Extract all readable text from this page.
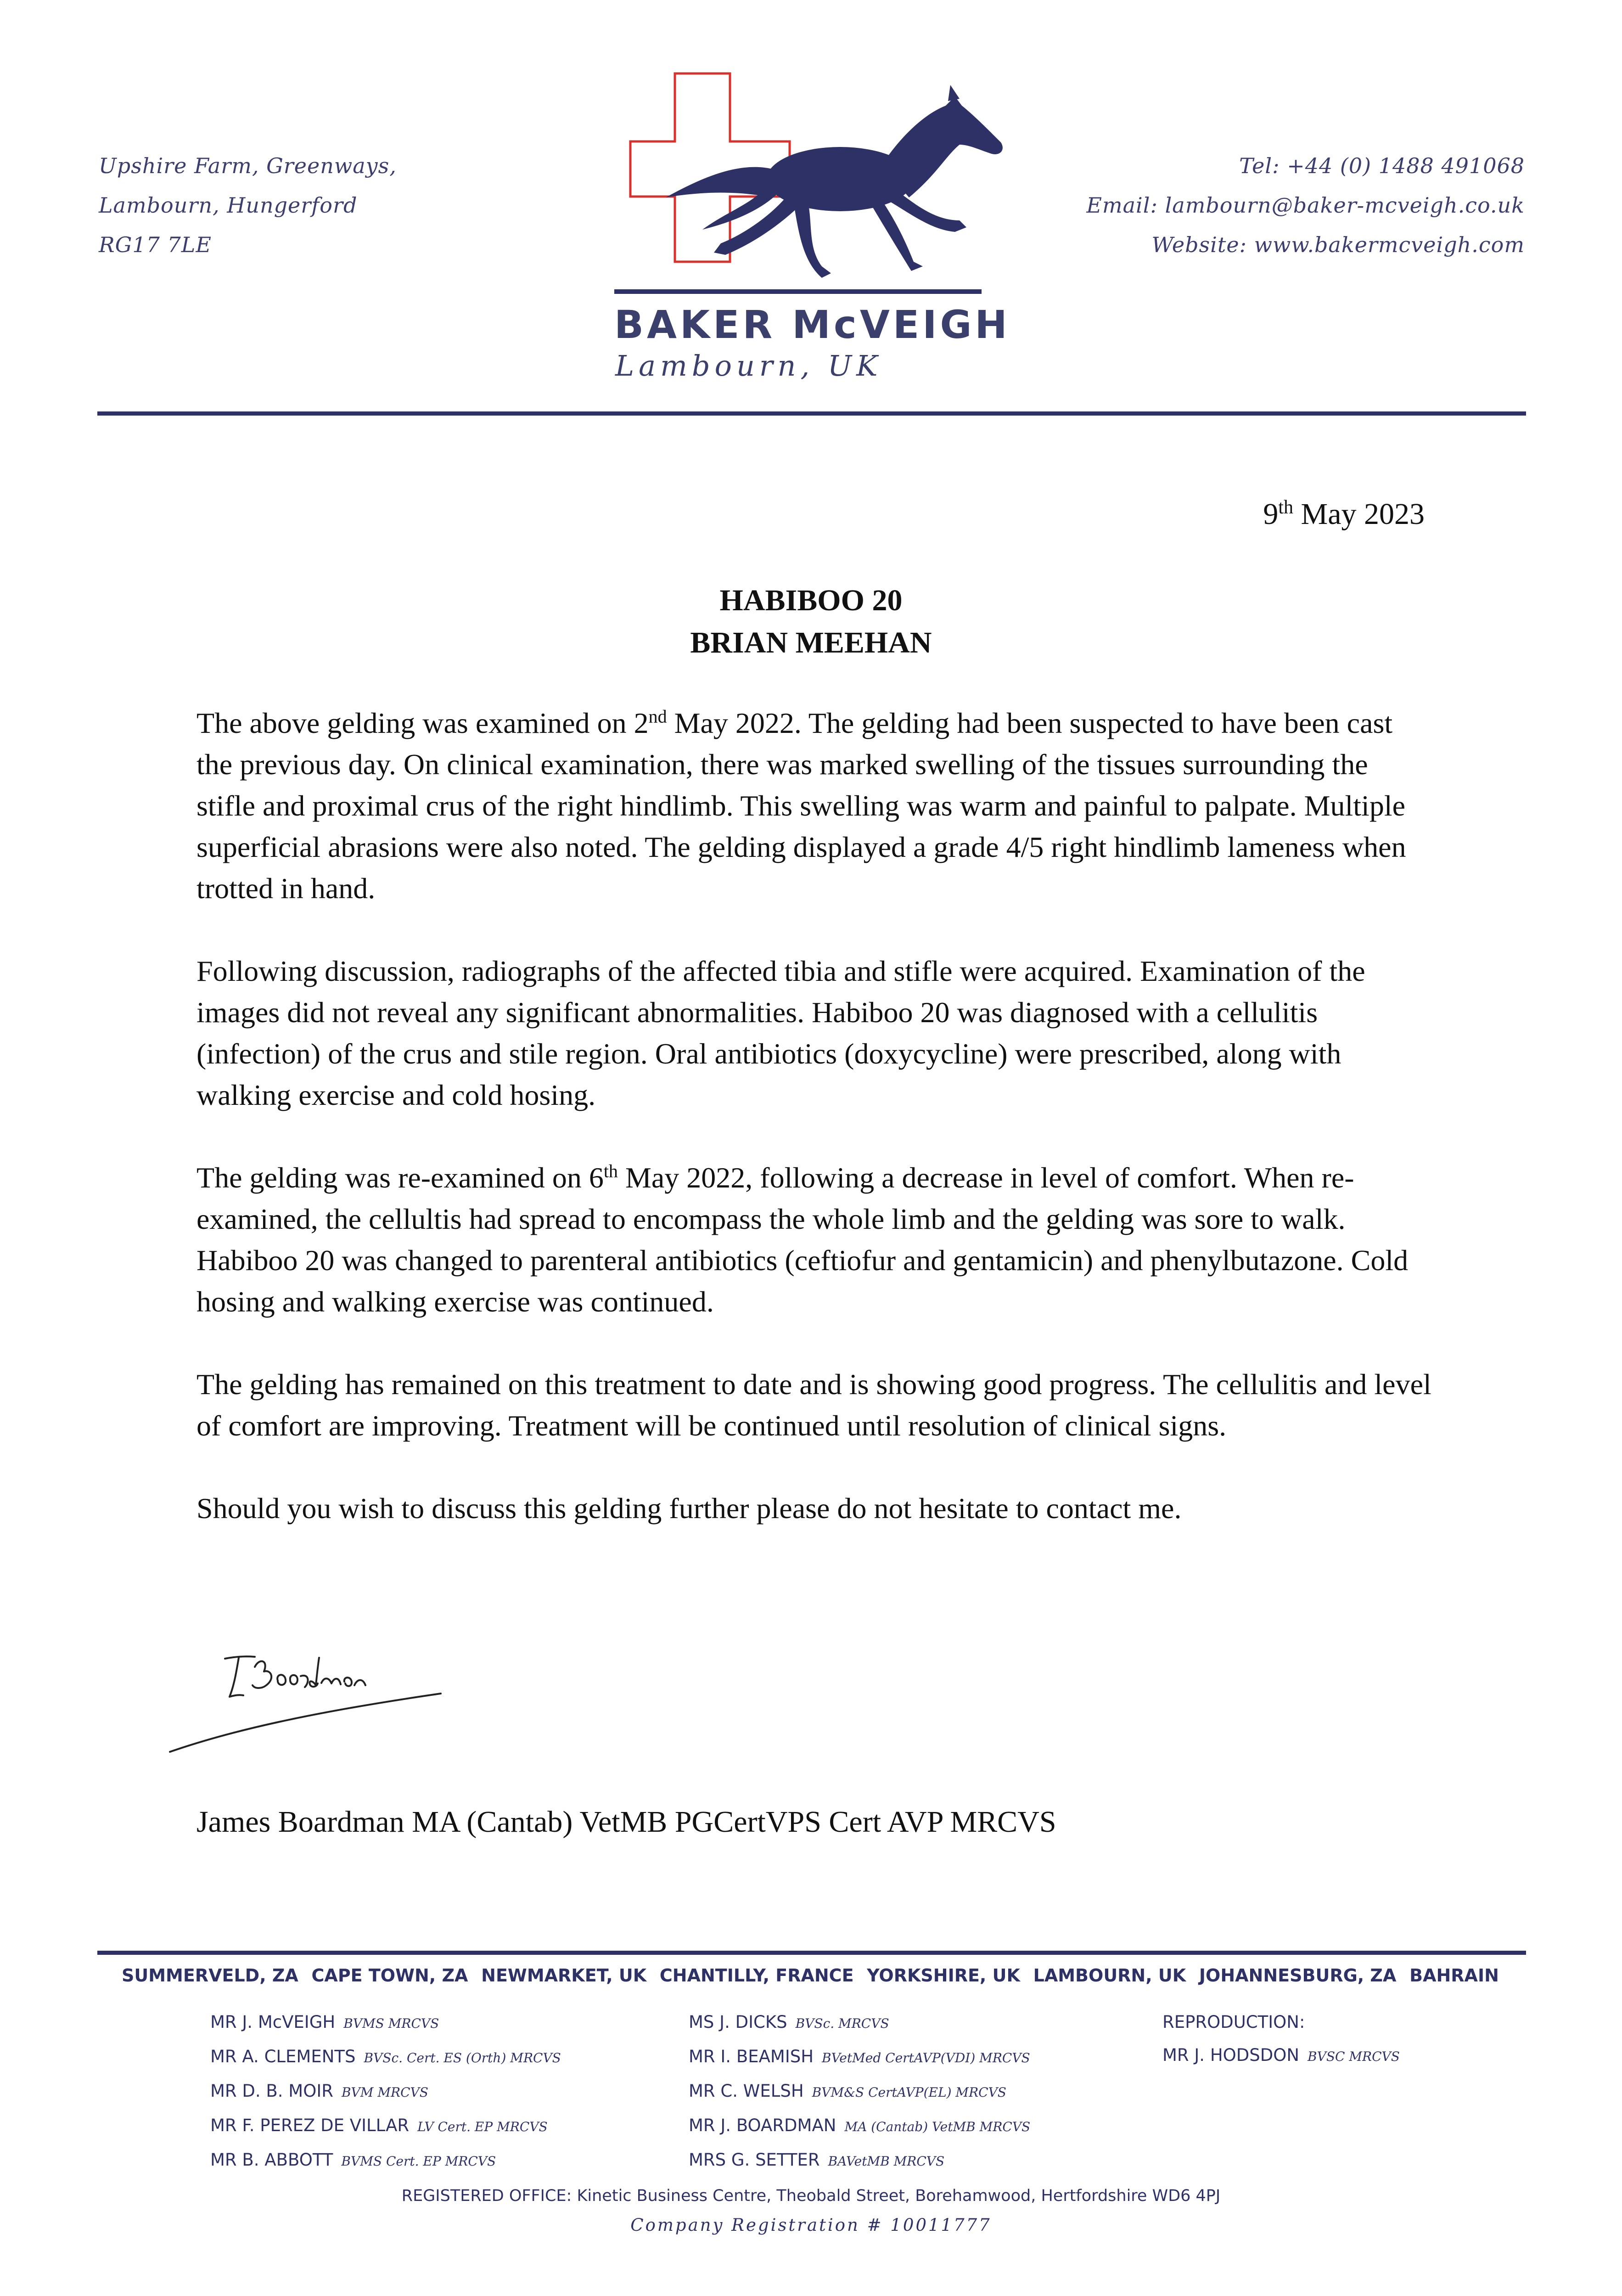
Upshire Farm, Greenways,
Lambourn, Hungerford
RG17 7LE
Tel: +44 (0) 1488 491068
Email: lambourn@baker-mcveigh.co.uk
Website: www.bakermcveigh.com
BAKER McVEIGH
Lambourn, UK
9th May 2023
HABIBOO 20
BRIAN MEEHAN

The above gelding was examined on 2nd May 2022. The gelding had been suspected to have been cast the previous day. On clinical examination, there was marked swelling of the tissues surrounding the stifle and proximal crus of the right hindlimb. This swelling was warm and painful to palpate. Multiple superficial abrasions were also noted. The gelding displayed a grade 4/5 right hindlimb lameness when trotted in hand.

Following discussion, radiographs of the affected tibia and stifle were acquired. Examination of the images did not reveal any significant abnormalities. Habiboo 20 was diagnosed with a cellulitis (infection) of the crus and stile region. Oral antibiotics (doxycycline) were prescribed, along with walking exercise and cold hosing.

The gelding was re-examined on 6th May 2022, following a decrease in level of comfort. When re-examined, the cellultis had spread to encompass the whole limb and the gelding was sore to walk. Habiboo 20 was changed to parenteral antibiotics (ceftiofur and gentamicin) and phenylbutazone. Cold hosing and walking exercise was continued.

The gelding has remained on this treatment to date and is showing good progress. The cellulitis and level of comfort are improving. Treatment will be continued until resolution of clinical signs.

Should you wish to discuss this gelding further please do not hesitate to contact me.

James Boardman MA (Cantab) VetMB PGCertVPS Cert AVP MRCVS
SUMMERVELD, ZA CAPE TOWN, ZA NEWMARKET, UK CHANTILLY, FRANCE YORKSHIRE, UK LAMBOURN, UK JOHANNESBURG, ZA BAHRAIN
MR J. McVEIGH BVMS MRCVS
MR A. CLEMENTS BVSc. Cert. ES (Orth) MRCVS
MR D. B. MOIR BVM MRCVS
MR F. PEREZ DE VILLAR LV Cert. EP MRCVS
MR B. ABBOTT BVMS Cert. EP MRCVS
MS J. DICKS BVSc. MRCVS
MR I. BEAMISH BVetMed CertAVP(VDI) MRCVS
MR C. WELSH BVM&S CertAVP(EL) MRCVS
MR J. BOARDMAN MA (Cantab) VetMB MRCVS
MRS G. SETTER BAVetMB MRCVS
REPRODUCTION:
MR J. HODSDON BVSC MRCVS
REGISTERED OFFICE: Kinetic Business Centre, Theobald Street, Borehamwood, Hertfordshire WD6 4PJ
Company Registration # 10011777
